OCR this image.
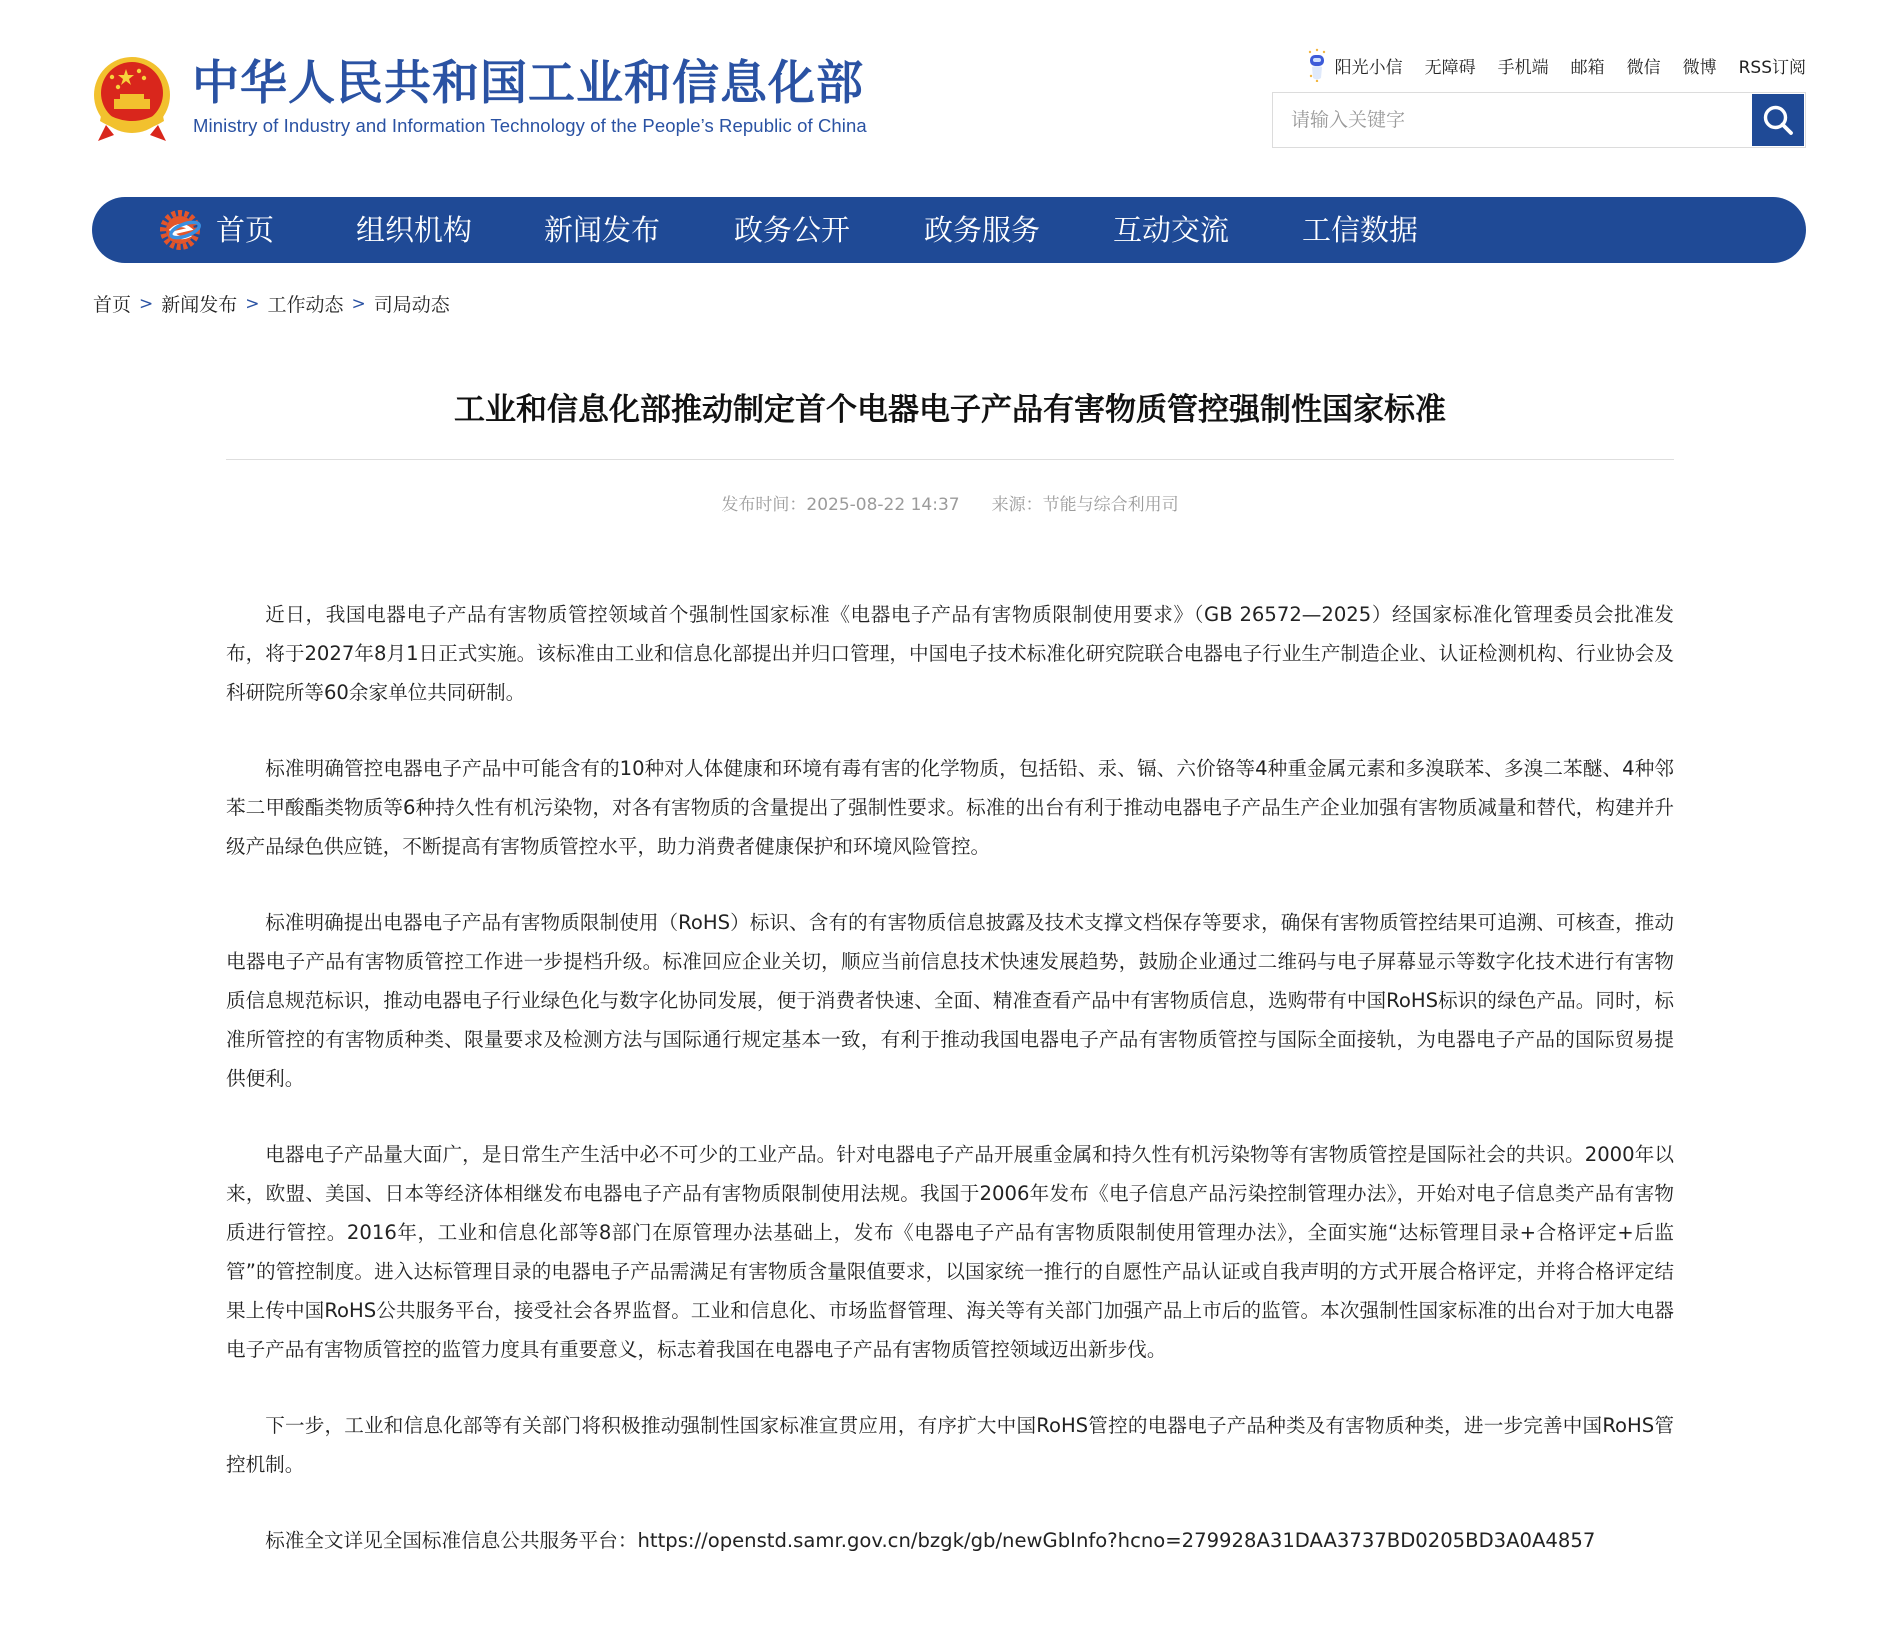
中华人民共和国工业和信息化部
Ministry of Industry and Information Technology of the People’s Republic of China
阳光小信 无障碍 手机端 邮箱 微信 微博 RSS订阅
请输入关键字
首页	组织机构 新闻发布	政务公开	政务服务	互动交流	工信数据
首页 > 新闻发布 > 工作动态 > 司局动态
工业和信息化部推动制定首个电器电子产品有害物质管控强制性国家标准
发布时间：2025-08-22 14:37 来源：节能与综合利用司

近日，我国电器电子产品有害物质管控领域首个强制性国家标准《电器电子产品有害物质限制使用要求》（GB 26572—2025）经国家标准化管理委员会批准发布，将于2027年8月1日正式实施。该标准由工业和信息化部提出并归口管理，中国电子技术标准化研究院联合电器电子行业生产制造企业、认证检测机构、行业协会及科研院所等60余家单位共同研制。

标准明确管控电器电子产品中可能含有的10种对人体健康和环境有毒有害的化学物质，包括铅、汞、镉、六价铬等4种重金属元素和多溴联苯、多溴二苯醚、4种邻苯二甲酸酯类物质等6种持久性有机污染物，对各有害物质的含量提出了强制性要求。标准的出台有利于推动电器电子产品生产企业加强有害物质减量和替代，构建并升级产品绿色供应链，不断提高有害物质管控水平，助力消费者健康保护和环境风险管控。

标准明确提出电器电子产品有害物质限制使用（RoHS）标识、含有的有害物质信息披露及技术支撑文档保存等要求，确保有害物质管控结果可追溯、可核查，推动电器电子产品有害物质管控工作进一步提档升级。标准回应企业关切，顺应当前信息技术快速发展趋势，鼓励企业通过二维码与电子屏幕显示等数字化技术进行有害物质信息规范标识，推动电器电子行业绿色化与数字化协同发展，便于消费者快速、全面、精准查看产品中有害物质信息，选购带有中国RoHS标识的绿色产品。同时，标准所管控的有害物质种类、限量要求及检测方法与国际通行规定基本一致，有利于推动我国电器电子产品有害物质管控与国际全面接轨，为电器电子产品的国际贸易提供便利。

电器电子产品量大面广，是日常生产生活中必不可少的工业产品。针对电器电子产品开展重金属和持久性有机污染物等有害物质管控是国际社会的共识。2000年以来，欧盟、美国、日本等经济体相继发布电器电子产品有害物质限制使用法规。我国于2006年发布《电子信息产品污染控制管理办法》，开始对电子信息类产品有害物质进行管控。2016年，工业和信息化部等8部门在原管理办法基础上，发布《电器电子产品有害物质限制使用管理办法》，全面实施“达标管理目录+合格评定+后监管”的管控制度。进入达标管理目录的电器电子产品需满足有害物质含量限值要求，以国家统一推行的自愿性产品认证或自我声明的方式开展合格评定，并将合格评定结果上传中国RoHS公共服务平台，接受社会各界监督。工业和信息化、市场监督管理、海关等有关部门加强产品上市后的监管。本次强制性国家标准的出台对于加大电器电子产品有害物质管控的监管力度具有重要意义，标志着我国在电器电子产品有害物质管控领域迈出新步伐。

下一步，工业和信息化部等有关部门将积极推动强制性国家标准宣贯应用，有序扩大中国RoHS管控的电器电子产品种类及有害物质种类，进一步完善中国RoHS管控机制。

标准全文详见全国标准信息公共服务平台：https://openstd.samr.gov.cn/bzgk/gb/newGbInfo?hcno=279928A31DAA3737BD0205BD3A0A4857
